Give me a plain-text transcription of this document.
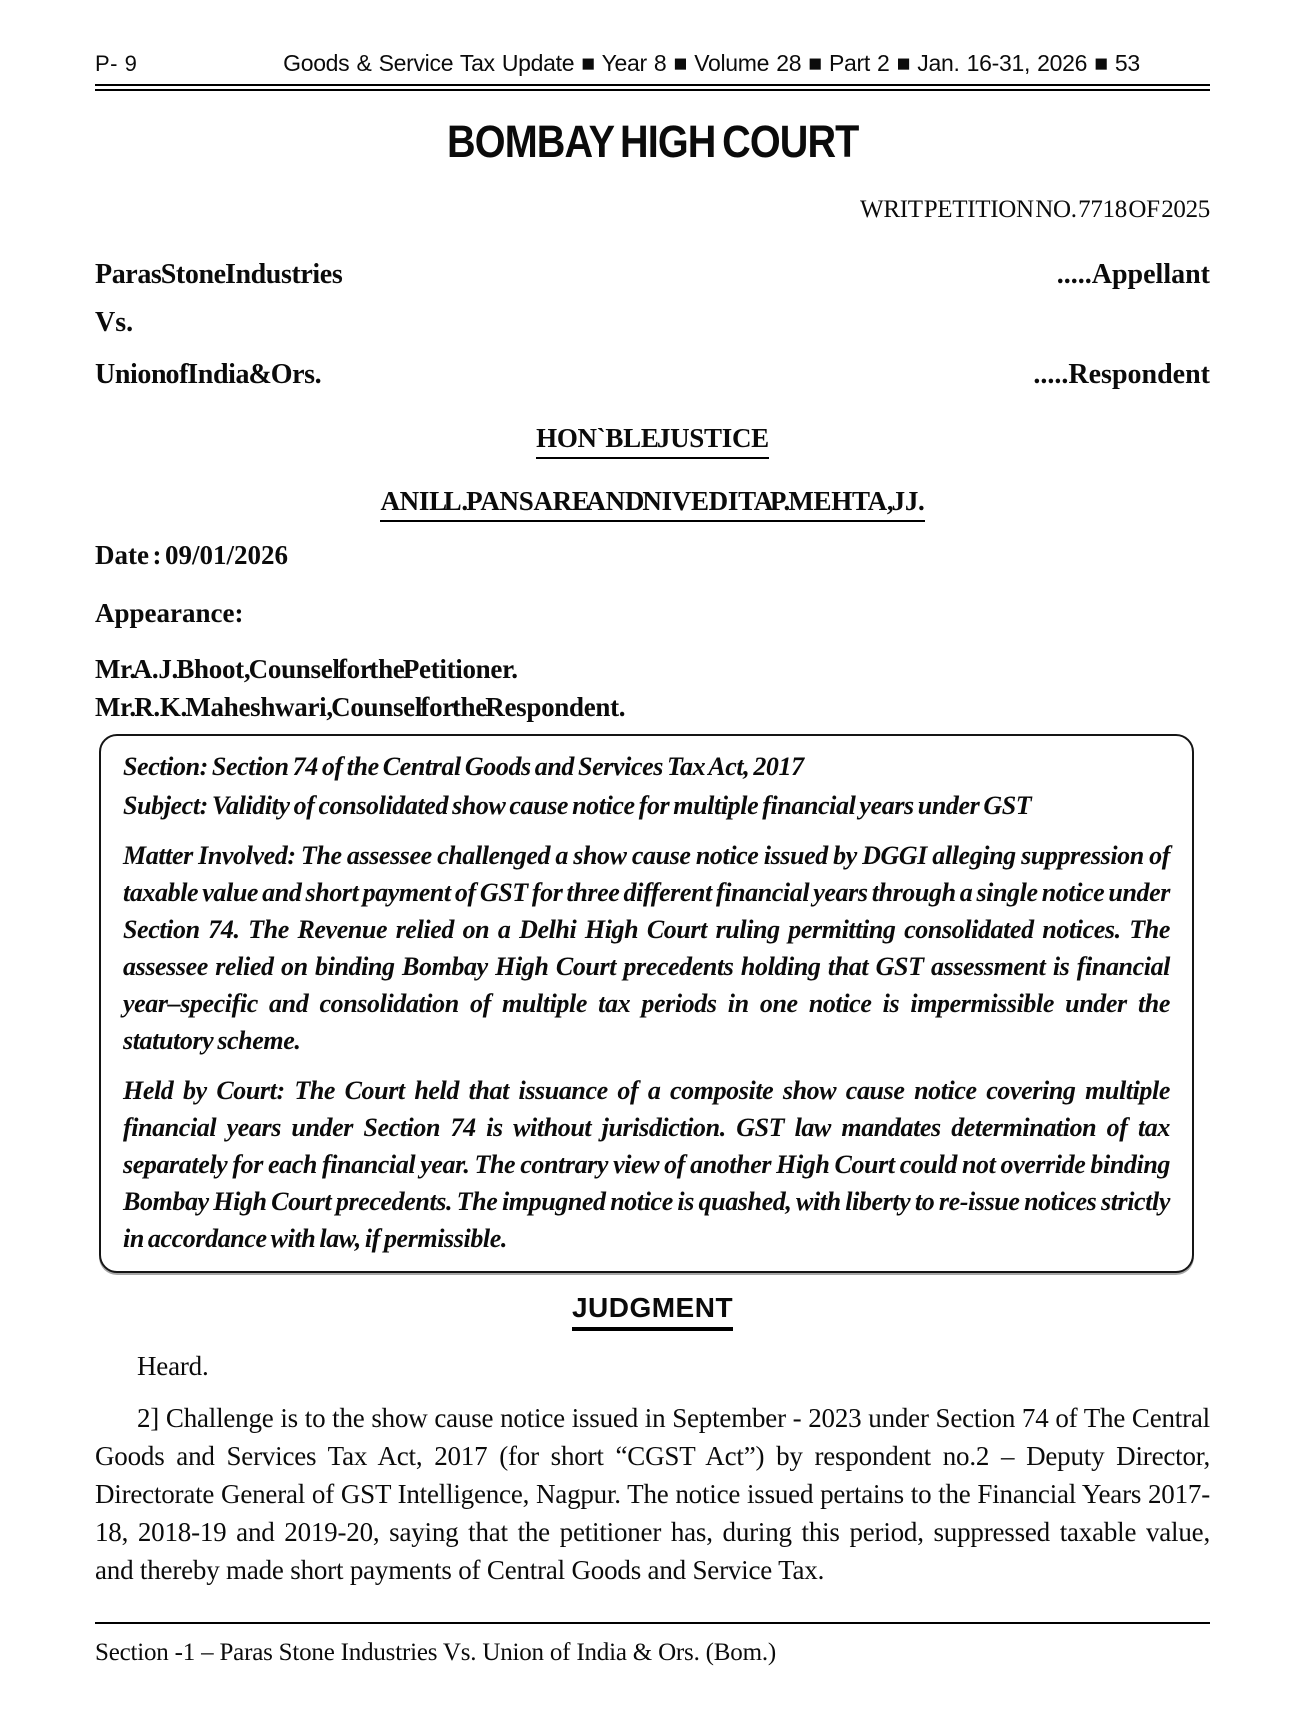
P- 9	Goods & Service Tax Update ■ Year 8 ■ Volume 28 ■ Part 2 ■ Jan. 16-31, 2026 ■ 53
BOMBAY HIGH COURT
WRIT PETITION NO. 7718 OF 2025
Paras Stone Industries	.....Appellant
Vs.
Union of India & Ors.	.....Respondent
HON`BLE JUSTICE
ANIL L. PANSARE AND NIVEDITA P. MEHTA, JJ.
Date : 09/01/2026
Appearance:
Mr. A.J. Bhoot, Counsel for the Petitioner.
Mr. R.K. Maheshwari, Counsel for the Respondent.

Section: Section 74 of the Central Goods and Services Tax Act, 2017

Subject: Validity of consolidated show cause notice for multiple financial years under GST

Matter Involved: The assessee challenged a show cause notice issued by DGGI alleging suppression of taxable value and short payment of GST for three different financial years through a single notice under Section 74. The Revenue relied on a Delhi High Court ruling permitting consolidated notices. The assessee relied on binding Bombay High Court precedents holding that GST assessment is financial year–specific and consolidation of multiple tax periods in one notice is impermissible under the statutory scheme.

Held by Court: The Court held that issuance of a composite show cause notice covering multiple financial years under Section 74 is without jurisdiction. GST law mandates determination of tax separately for each financial year. The contrary view of another High Court could not override binding Bombay High Court precedents. The impugned notice is quashed, with liberty to re-issue notices strictly in accordance with law, if permissible.

JUDGMENT

Heard.

2] Challenge is to the show cause notice issued in September - 2023 under Section 74 of The Central Goods and Services Tax Act, 2017 (for short “CGST Act”) by respondent no.2 – Deputy Director, Directorate General of GST Intelligence, Nagpur. The notice issued pertains to the Financial Years 2017-18, 2018-19 and 2019-20, saying that the petitioner has, during this period, suppressed taxable value, and thereby made short payments of Central Goods and Service Tax.

Section -1 – Paras Stone Industries Vs. Union of India & Ors. (Bom.)
